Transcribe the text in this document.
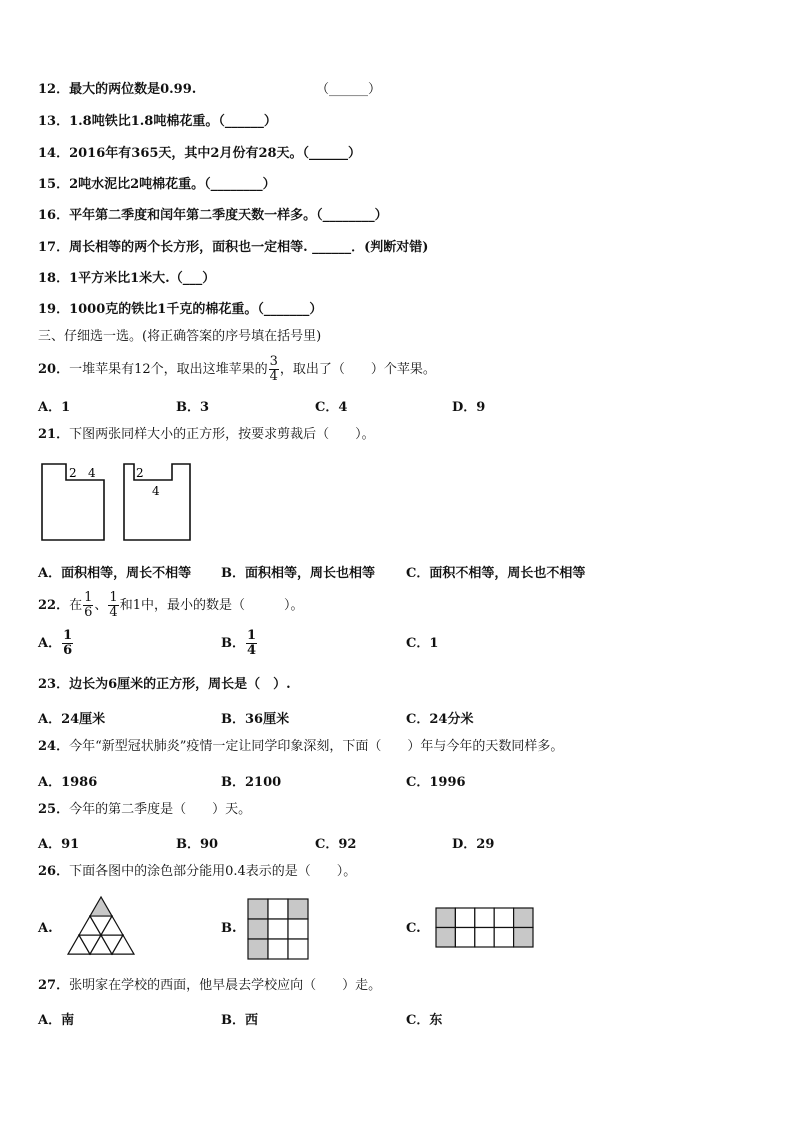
12．最大的两位数是0.99.	（______）
13．1.8吨铁比1.8吨棉花重。（______）
14．2016年有365天，其中2月份有28天。（______）
15．2吨水泥比2吨棉花重。（________）
16．平年第二季度和闰年第二季度天数一样多。（________）
17．周长相等的两个长方形，面积也一定相等. ______．(判断对错)
18．1平方米比1米大.（___）
19．1000克的铁比1千克的棉花重。（_______）
三、仔细选一选。(将正确答案的序号填在括号里)
20．一堆苹果有12个，取出这堆苹果的 $\frac{3}{4}$ ，取出了（　　）个苹果。
A．1	B．3	C．4	D．9
21．下图两张同样大小的正方形，按要求剪裁后（　　）。
2 4	2
4
A．面积相等，周长不相等 B．面积相等，周长也相等 C．面积不相等，周长也不相等
22．在 $\frac{1}{6}$ 、 $\frac{1}{4}$ 和1中，最小的数是（　　　）。
A． $\frac{1}{6}$	B． $\frac{1}{4}$	C．1
23．边长为6厘米的正方形，周长是（　）.
A．24厘米	B．36厘米	C．24分米
24．今年“新型冠状肺炎”疫情一定让同学印象深刻，下面（　　）年与今年的天数同样多。
A．1986	B．2100	C．1996
25．今年的第二季度是（　　）天。
A．91	B．90	C．92	D．29
26．下面各图中的涂色部分能用0.4表示的是（　　）。
A.	B.	C.
27．张明家在学校的西面，他早晨去学校应向（　　）走。
A．南	B．西	C．东
